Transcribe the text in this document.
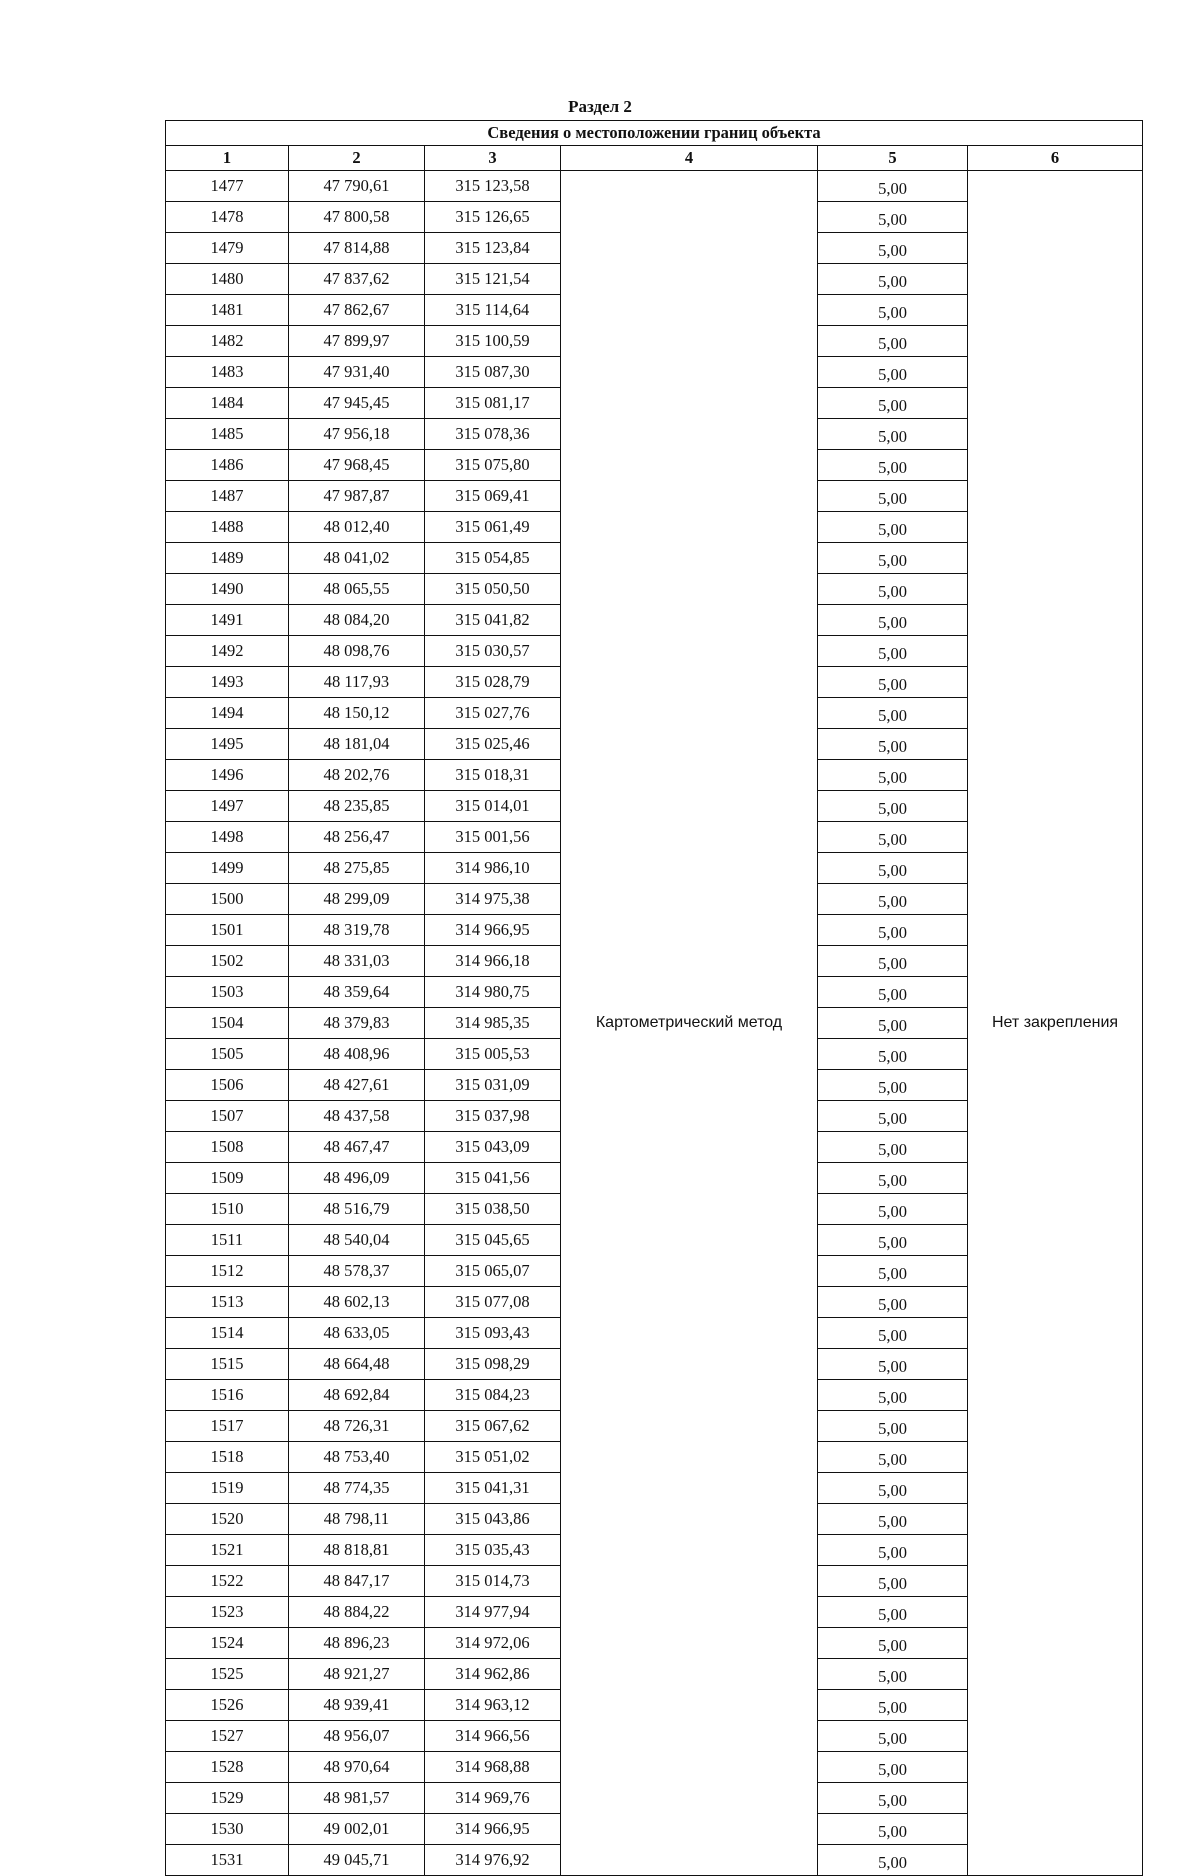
Раздел 2
Сведения о местоположении границ объекта					
1	2	3	4	5	6
1477	47 790,61	315 123,58	Картометрический метод	5,00	Нет закрепления
1478	47 800,58	315 126,65		5,00	
1479	47 814,88	315 123,84		5,00	
1480	47 837,62	315 121,54		5,00	
1481	47 862,67	315 114,64		5,00	
1482	47 899,97	315 100,59		5,00	
1483	47 931,40	315 087,30		5,00	
1484	47 945,45	315 081,17		5,00	
1485	47 956,18	315 078,36		5,00	
1486	47 968,45	315 075,80		5,00	
1487	47 987,87	315 069,41		5,00	
1488	48 012,40	315 061,49		5,00	
1489	48 041,02	315 054,85		5,00	
1490	48 065,55	315 050,50		5,00	
1491	48 084,20	315 041,82		5,00	
1492	48 098,76	315 030,57		5,00	
1493	48 117,93	315 028,79		5,00	
1494	48 150,12	315 027,76		5,00	
1495	48 181,04	315 025,46		5,00	
1496	48 202,76	315 018,31		5,00	
1497	48 235,85	315 014,01		5,00	
1498	48 256,47	315 001,56		5,00	
1499	48 275,85	314 986,10		5,00	
1500	48 299,09	314 975,38		5,00	
1501	48 319,78	314 966,95		5,00	
1502	48 331,03	314 966,18		5,00	
1503	48 359,64	314 980,75		5,00	
1504	48 379,83	314 985,35		5,00	
1505	48 408,96	315 005,53		5,00	
1506	48 427,61	315 031,09		5,00	
1507	48 437,58	315 037,98		5,00	
1508	48 467,47	315 043,09		5,00	
1509	48 496,09	315 041,56		5,00	
1510	48 516,79	315 038,50		5,00	
1511	48 540,04	315 045,65		5,00	
1512	48 578,37	315 065,07		5,00	
1513	48 602,13	315 077,08		5,00	
1514	48 633,05	315 093,43		5,00	
1515	48 664,48	315 098,29		5,00	
1516	48 692,84	315 084,23		5,00	
1517	48 726,31	315 067,62		5,00	
1518	48 753,40	315 051,02		5,00	
1519	48 774,35	315 041,31		5,00	
1520	48 798,11	315 043,86		5,00	
1521	48 818,81	315 035,43		5,00	
1522	48 847,17	315 014,73		5,00	
1523	48 884,22	314 977,94		5,00	
1524	48 896,23	314 972,06		5,00	
1525	48 921,27	314 962,86		5,00	
1526	48 939,41	314 963,12		5,00	
1527	48 956,07	314 966,56		5,00	
1528	48 970,64	314 968,88		5,00	
1529	48 981,57	314 969,76		5,00	
1530	49 002,01	314 966,95		5,00	
1531	49 045,71	314 976,92		5,00	
